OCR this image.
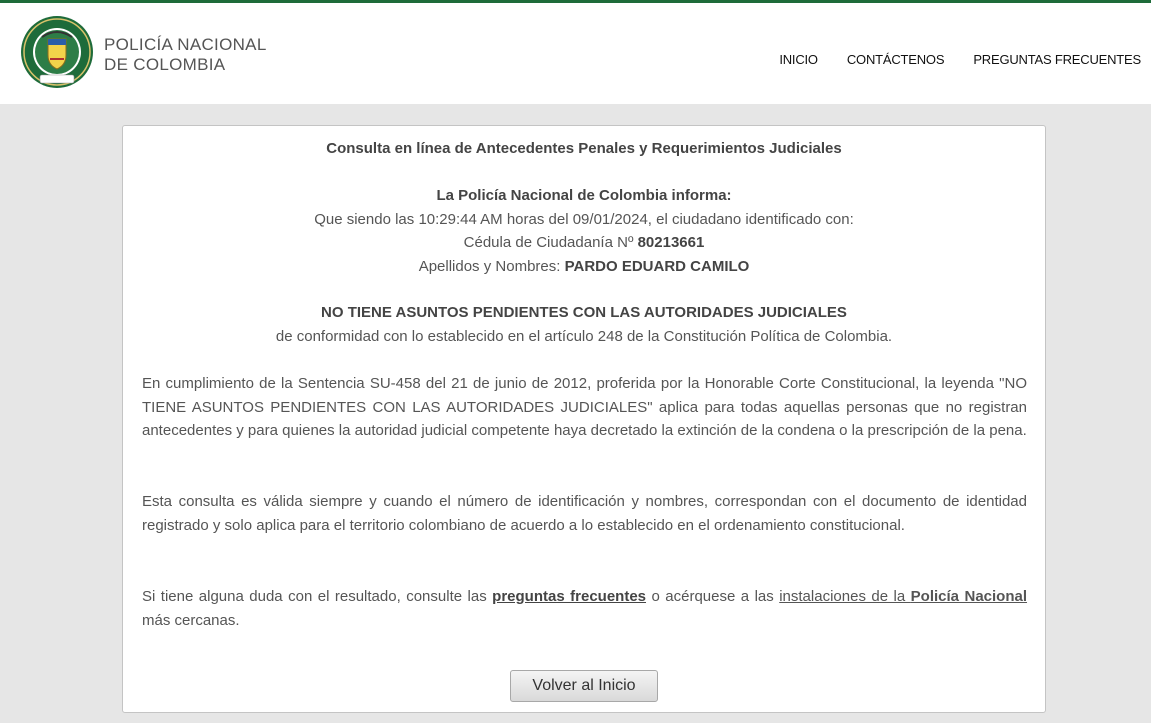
POLICÍA NACIONAL
DE COLOMBIA	INICIO CONTÁCTENOS PREGUNTAS FRECUENTES
Consulta en línea de Antecedentes Penales y Requerimientos Judiciales
La Policía Nacional de Colombia informa:
Que siendo las 10:29:44 AM horas del 09/01/2024, el ciudadano identificado con:
Cédula de Ciudadanía Nº 80213661
Apellidos y Nombres: PARDO EDUARD CAMILO
NO TIENE ASUNTOS PENDIENTES CON LAS AUTORIDADES JUDICIALES
de conformidad con lo establecido en el artículo 248 de la Constitución Política de Colombia.
En cumplimiento de la Sentencia SU-458 del 21 de junio de 2012, proferida por la Honorable Corte Constitucional, la leyenda "NO TIENE ASUNTOS PENDIENTES CON LAS AUTORIDADES JUDICIALES" aplica para todas aquellas personas que no registran antecedentes y para quienes la autoridad judicial competente haya decretado la extinción de la condena o la prescripción de la pena.
Esta consulta es válida siempre y cuando el número de identificación y nombres, correspondan con el documento de identidad registrado y solo aplica para el territorio colombiano de acuerdo a lo establecido en el ordenamiento constitucional.
Si tiene alguna duda con el resultado, consulte las preguntas frecuentes o acérquese a las instalaciones de la Policía Nacional más cercanas.
Volver al Inicio
